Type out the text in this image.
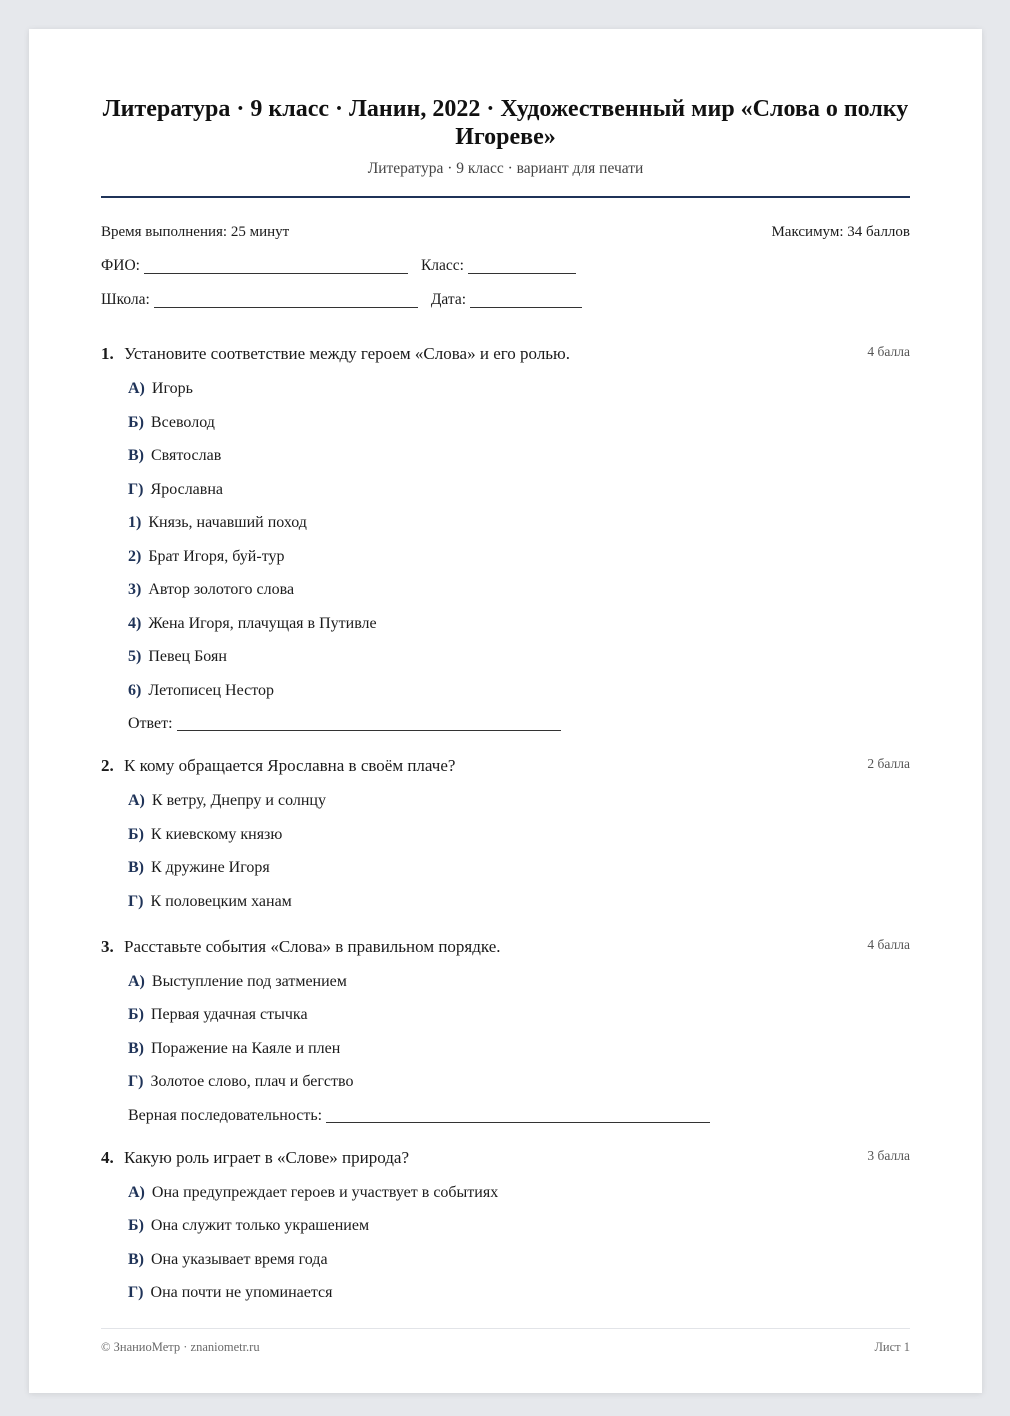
Литература · 9 класс · Ланин, 2022 · Художественный мир «Слова о полку Игореве»
Литература · 9 класс · вариант для печати
Время выполнения: 25 минут	Максимум: 34 баллов
ФИО:	Класс:
Школа:	Дата:
1. Установите соответствие между героем «Слова» и его ролью.	4 балла
А) Игорь
Б) Всеволод
В) Святослав
Г) Ярославна
1) Князь, начавший поход
2) Брат Игоря, буй-тур
3) Автор золотого слова
4) Жена Игоря, плачущая в Путивле
5) Певец Боян
6) Летописец Нестор
Ответ:
2. К кому обращается Ярославна в своём плаче?	2 балла
А) К ветру, Днепру и солнцу
Б) К киевскому князю
В) К дружине Игоря
Г) К половецким ханам
3. Расставьте события «Слова» в правильном порядке.	4 балла
А) Выступление под затмением
Б) Первая удачная стычка
В) Поражение на Каяле и плен
Г) Золотое слово, плач и бегство
Верная последовательность:
4. Какую роль играет в «Слове» природа?	3 балла
А) Она предупреждает героев и участвует в событиях
Б) Она служит только украшением
В) Она указывает время года
Г) Она почти не упоминается
© ЗнаниоМетр · znaniometr.ru	Лист 1
